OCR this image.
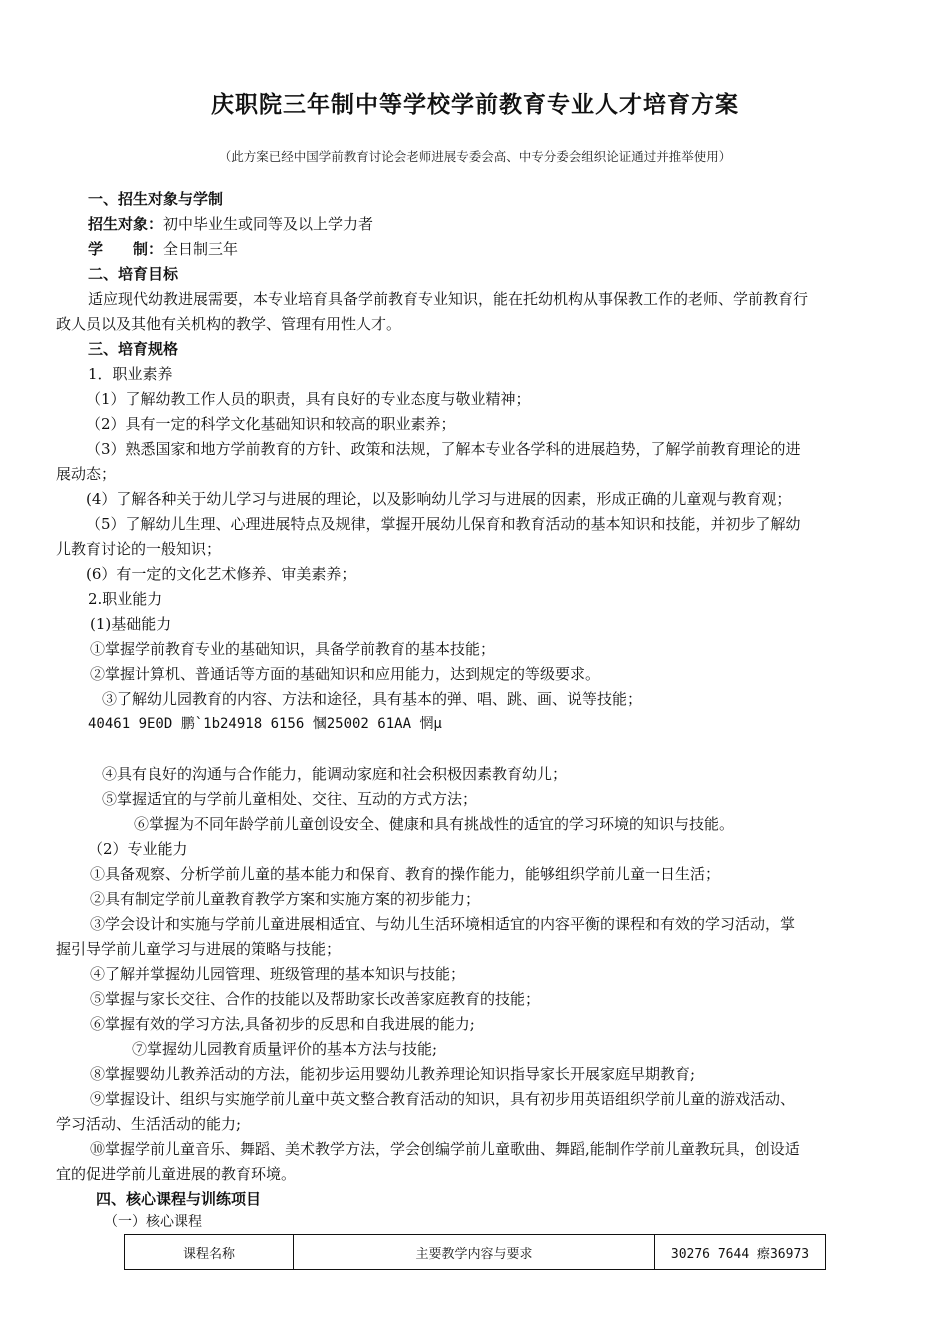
庆职院三年制中等学校学前教育专业人才培育方案
（此方案已经中国学前教育讨论会老师进展专委会高、中专分委会组织论证通过并推举使用）
一、招生对象与学制
招生对象：初中毕业生或同等及以上学力者
学　　制：全日制三年
二、培育目标
适应现代幼教进展需要，本专业培育具备学前教育专业知识，能在托幼机构从事保教工作的老师、学前教育行
政人员以及其他有关机构的教学、管理有用性人才。
三、培育规格
1．职业素养
（1）了解幼教工作人员的职责，具有良好的专业态度与敬业精神；
（2）具有一定的科学文化基础知识和较高的职业素养；
（3）熟悉国家和地方学前教育的方针、政策和法规，了解本专业各学科的进展趋势，了解学前教育理论的进
展动态；
(4）了解各种关于幼儿学习与进展的理论，以及影响幼儿学习与进展的因素，形成正确的儿童观与教育观；
（5）了解幼儿生理、心理进展特点及规律，掌握开展幼儿保育和教育活动的基本知识和技能，并初步了解幼
儿教育讨论的一般知识；
(6）有一定的文化艺术修养、审美素养；
2.职业能力
(1)基础能力
①掌握学前教育专业的基础知识，具备学前教育的基本技能；
②掌握计算机、普通话等方面的基础知识和应用能力，达到规定的等级要求。
③了解幼儿园教育的内容、方法和途径，具有基本的弹、唱、跳、画、说等技能；
40461 9E0D 鹏`1b24918 6156 慖25002 61AA 惘μ
④具有良好的沟通与合作能力，能调动家庭和社会积极因素教育幼儿；
⑤掌握适宜的与学前儿童相处、交往、互动的方式方法；
⑥掌握为不同年龄学前儿童创设安全、健康和具有挑战性的适宜的学习环境的知识与技能。
（2）专业能力
①具备观察、分析学前儿童的基本能力和保育、教育的操作能力，能够组织学前儿童一日生活；
②具有制定学前儿童教育教学方案和实施方案的初步能力；
③学会设计和实施与学前儿童进展相适宜、与幼儿生活环境相适宜的内容平衡的课程和有效的学习活动，掌
握引导学前儿童学习与进展的策略与技能；
④了解并掌握幼儿园管理、班级管理的基本知识与技能；
⑤掌握与家长交往、合作的技能以及帮助家长改善家庭教育的技能；
⑥掌握有效的学习方法,具备初步的反思和自我进展的能力;
⑦掌握幼儿园教育质量评价的基本方法与技能;
⑧掌握婴幼儿教养活动的方法，能初步运用婴幼儿教养理论知识指导家长开展家庭早期教育;
⑨掌握设计、组织与实施学前儿童中英文整合教育活动的知识，具有初步用英语组织学前儿童的游戏活动、
学习活动、生活活动的能力;
⑩掌握学前儿童音乐、舞蹈、美术教学方法，学会创编学前儿童歌曲、舞蹈,能制作学前儿童教玩具，创设适
宜的促进学前儿童进展的教育环境。
四、核心课程与训练项目
（一）核心课程
课程名称	主要教学内容与要求	30276 7644 瘵36973
